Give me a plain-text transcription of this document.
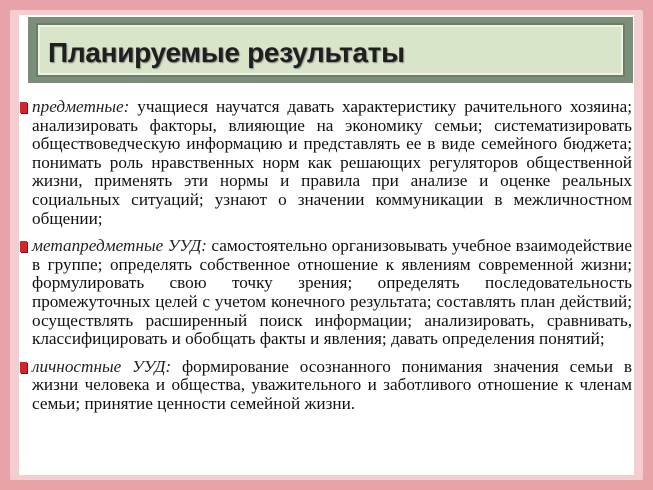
Планируемые результаты

предметные: учащиеся научатся давать характеристику рачительного хозяина; анализировать факторы, влияющие на экономику семьи; систематизировать обществоведческую информацию и представлять ее в виде семейного бюджета; понимать роль нравственных норм как решающих регуляторов общественной жизни, применять эти нормы и правила при анализе и оценке реальных социальных ситуаций; узнают о значении коммуникации в межличностном общении;

метапредметные УУД: самостоятельно организовывать учебное взаимодействие в группе; определять собственное отношение к явлениям современной жизни; формулировать свою точку зрения; определять последовательность промежуточных целей с учетом конечного результата; составлять план действий; осуществлять расширенный поиск информации; анализировать, сравнивать, классифицировать и обобщать факты и явления; давать определения понятий;

личностные УУД: формирование осознанного понимания значения семьи в жизни человека и общества, уважительного и заботливого отношение к членам семьи; принятие ценности семейной жизни.
